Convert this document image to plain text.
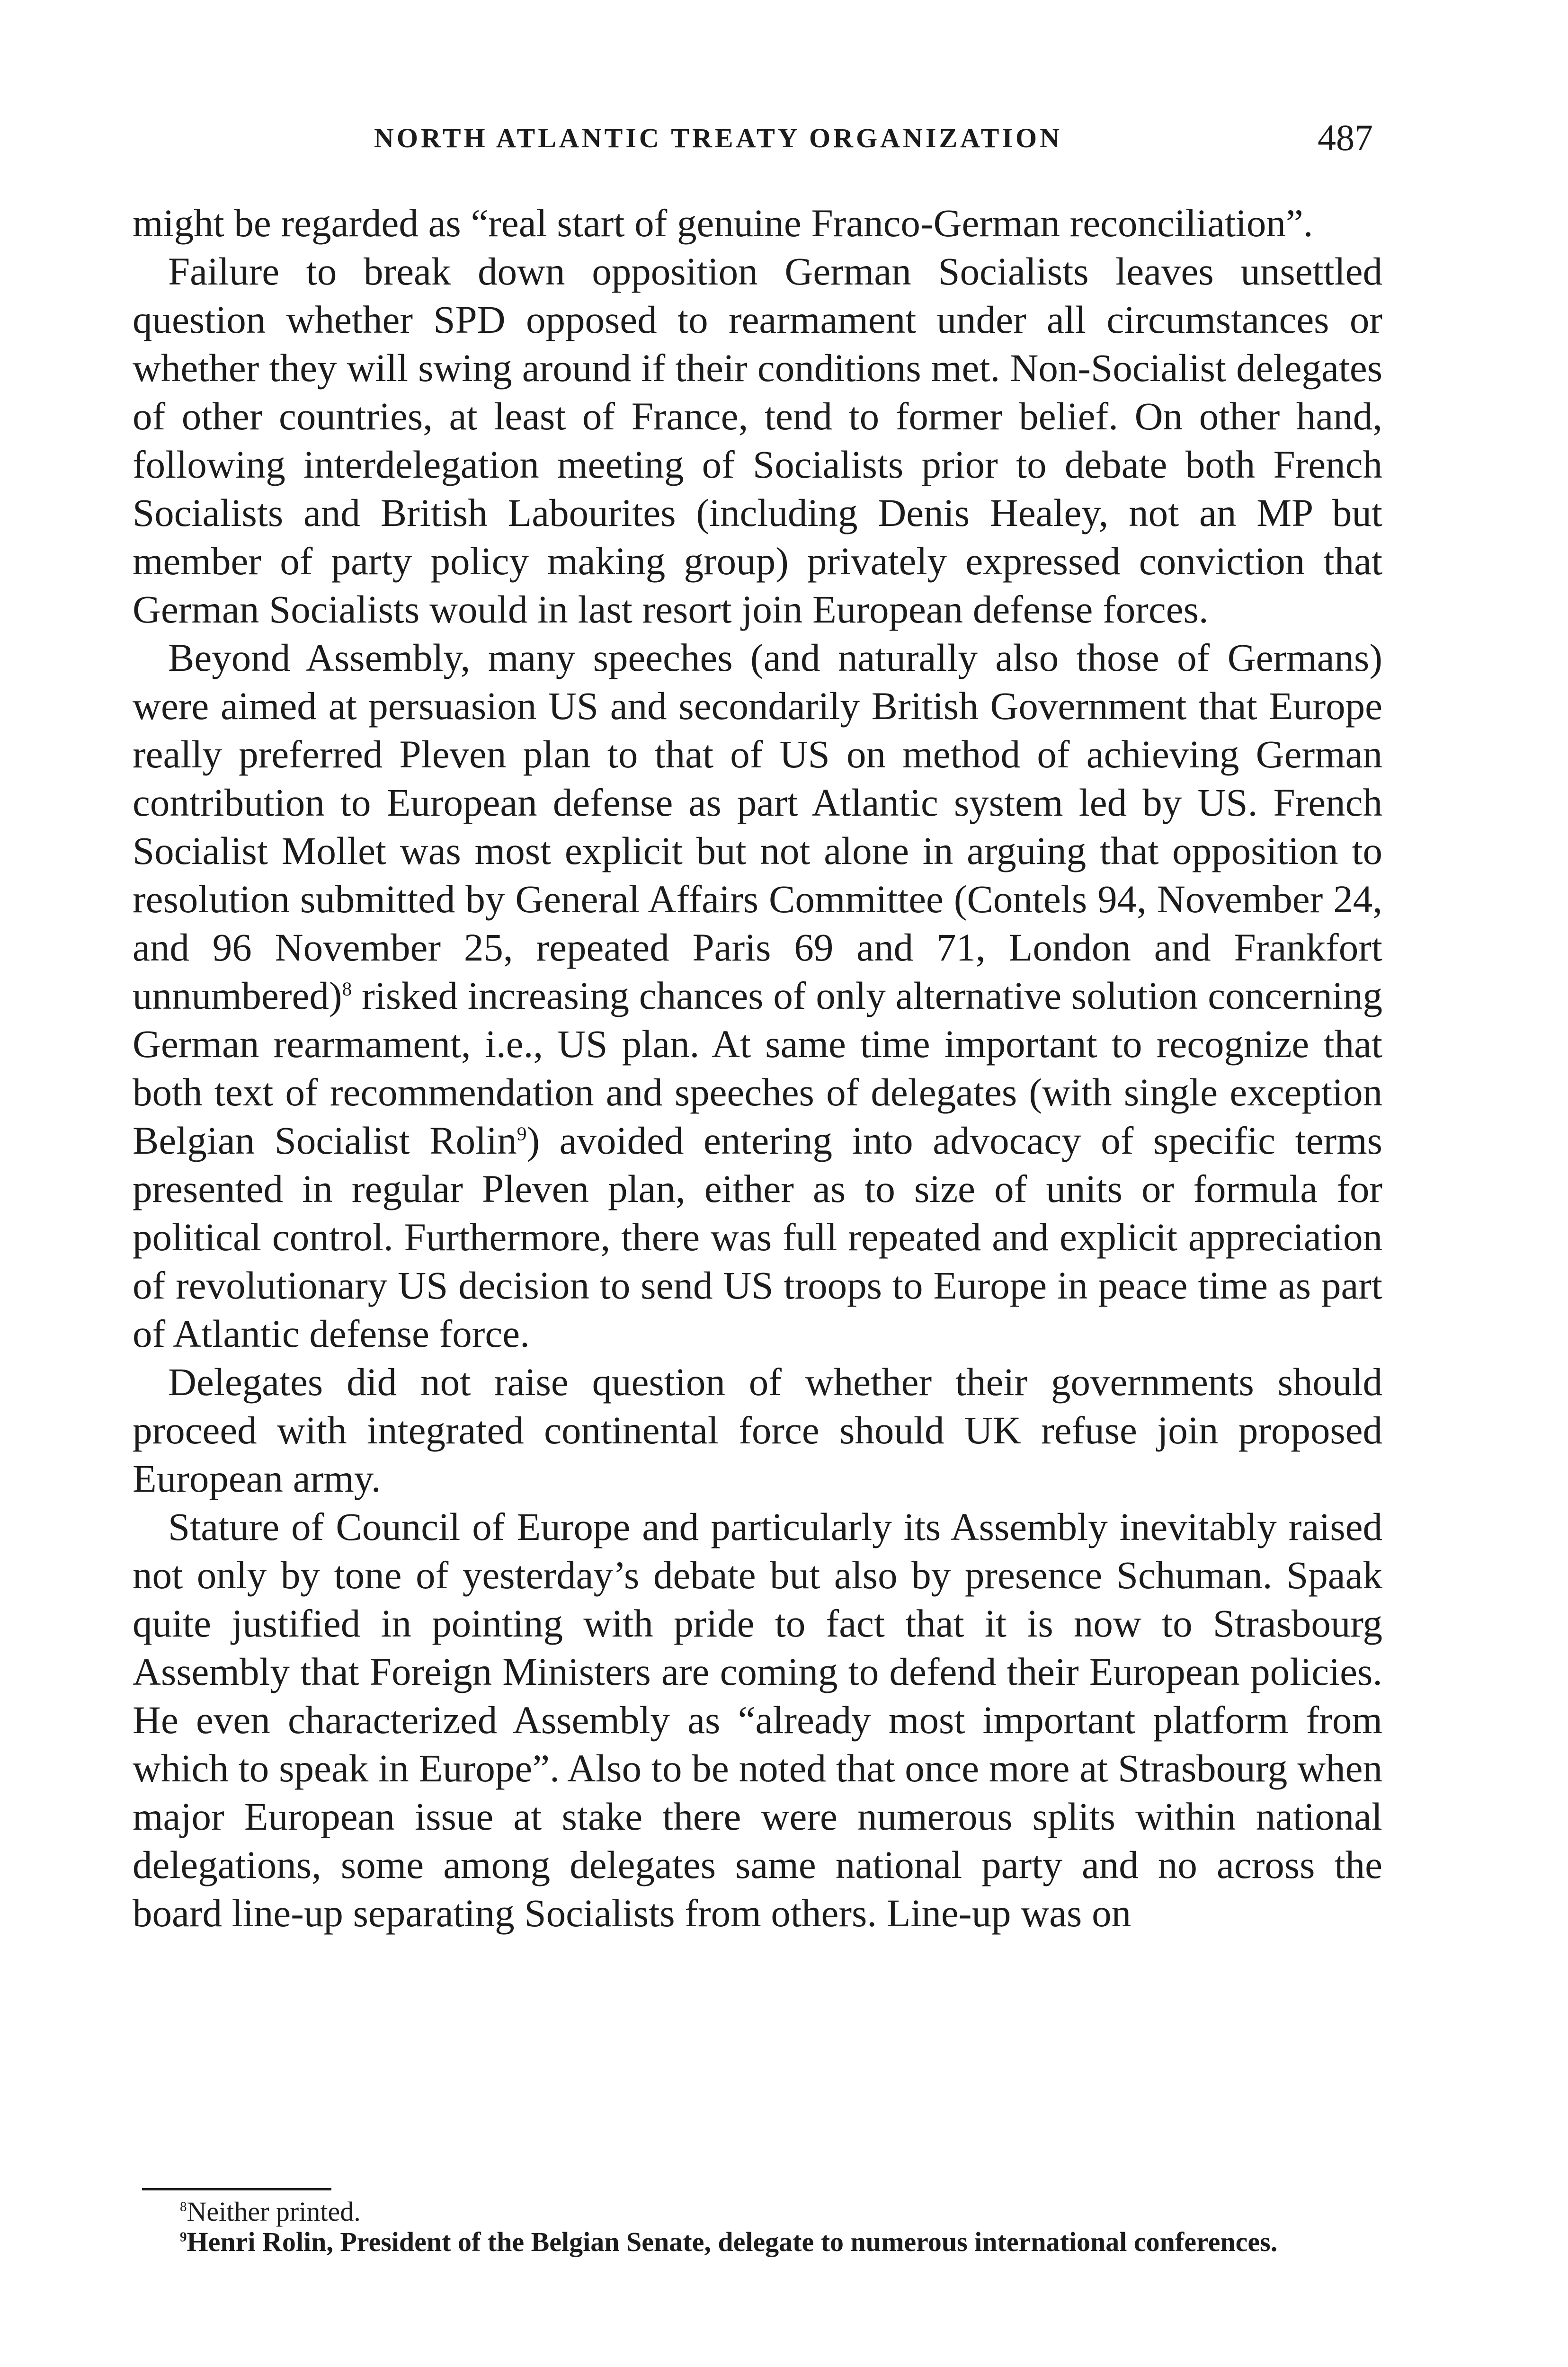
NORTH ATLANTIC TREATY ORGANIZATION	487

might be regarded as “real start of genuine Franco-German reconciliation”.

Failure to break down opposition German Socialists leaves unsettled question whether SPD opposed to rearmament under all circumstances or whether they will swing around if their conditions met. Non-Socialist delegates of other countries, at least of France, tend to former belief. On other hand, following interdelegation meeting of Socialists prior to debate both French Socialists and British Labourites (including Denis Healey, not an MP but member of party policy making group) privately expressed conviction that German Socialists would in last resort join European defense forces.

Beyond Assembly, many speeches (and naturally also those of Germans) were aimed at persuasion US and secondarily British Government that Europe really preferred Pleven plan to that of US on method of achieving German contribution to European defense as part Atlantic system led by US. French Socialist Mollet was most explicit but not alone in arguing that opposition to resolution submitted by General Affairs Committee (Contels 94, November 24, and 96 November 25, repeated Paris 69 and 71, London and Frankfort unnumbered)$^8$ risked increasing chances of only alternative solution concerning German rearmament, i.e., US plan. At same time important to recognize that both text of recommendation and speeches of delegates (with single exception Belgian Socialist Rolin$^9$) avoided entering into advocacy of specific terms presented in regular Pleven plan, either as to size of units or formula for political control. Furthermore, there was full repeated and explicit appreciation of revolutionary US decision to send US troops to Europe in peace time as part of Atlantic defense force.

Delegates did not raise question of whether their governments should proceed with integrated continental force should UK refuse join proposed European army.

Stature of Council of Europe and particularly its Assembly inevitably raised not only by tone of yesterday’s debate but also by presence Schuman. Spaak quite justified in pointing with pride to fact that it is now to Strasbourg Assembly that Foreign Ministers are coming to defend their European policies. He even characterized Assembly as “already most important platform from which to speak in Europe”. Also to be noted that once more at Strasbourg when major European issue at stake there were numerous splits within national delegations, some among delegates same national party and no across the board line-up separating Socialists from others. Line-up was on

$^8$Neither printed.

$^9$Henri Rolin, President of the Belgian Senate, delegate to numerous international conferences.
